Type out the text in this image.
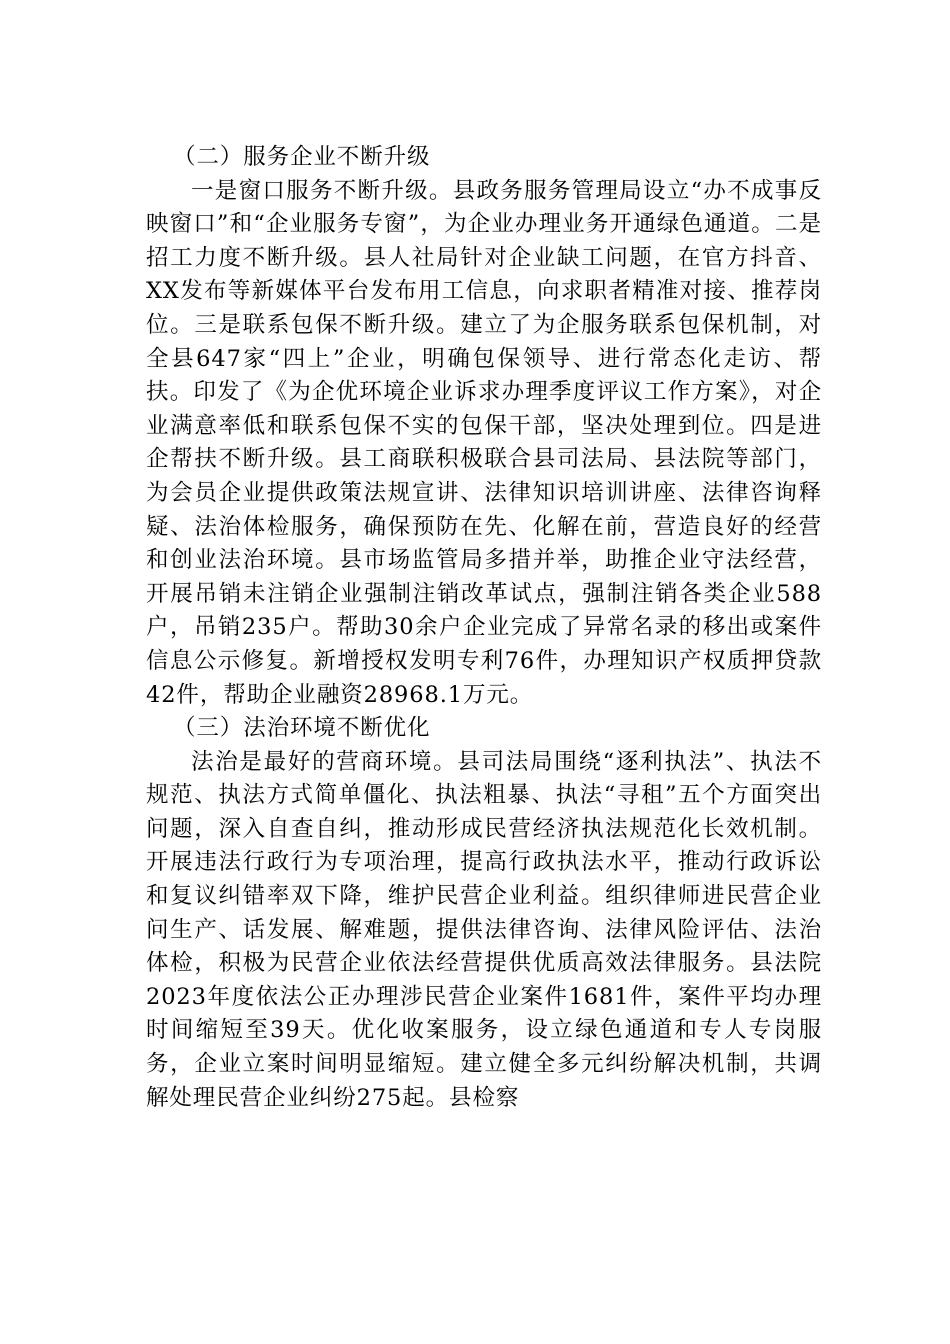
（二）服务企业不断升级

一是窗口服务不断升级。县政务服务管理局设立“办不成事反映窗口”和“企业服务专窗”，为企业办理业务开通绿色通道。二是招工力度不断升级。县人社局针对企业缺工问题，在官方抖音、XX发布等新媒体平台发布用工信息，向求职者精准对接、推荐岗位。三是联系包保不断升级。建立了为企服务联系包保机制，对全县647家“四上”企业，明确包保领导、进行常态化走访、帮扶。印发了《为企优环境企业诉求办理季度评议工作方案》，对企业满意率低和联系包保不实的包保干部，坚决处理到位。四是进企帮扶不断升级。县工商联积极联合县司法局、县法院等部门，为会员企业提供政策法规宣讲、法律知识培训讲座、法律咨询释疑、法治体检服务，确保预防在先、化解在前，营造良好的经营和创业法治环境。县市场监管局多措并举，助推企业守法经营，开展吊销未注销企业强制注销改革试点，强制注销各类企业588户，吊销235户。帮助30余户企业完成了异常名录的移出或案件信息公示修复。新增授权发明专利76件，办理知识产权质押贷款42件，帮助企业融资28968.1万元。

（三）法治环境不断优化

法治是最好的营商环境。县司法局围绕“逐利执法”、执法不规范、执法方式简单僵化、执法粗暴、执法“寻租”五个方面突出问题，深入自查自纠，推动形成民营经济执法规范化长效机制。开展违法行政行为专项治理，提高行政执法水平，推动行政诉讼和复议纠错率双下降，维护民营企业利益。组织律师进民营企业问生产、话发展、解难题，提供法律咨询、法律风险评估、法治体检，积极为民营企业依法经营提供优质高效法律服务。县法院2023年度依法公正办理涉民营企业案件1681件，案件平均办理时间缩短至39天。优化收案服务，设立绿色通道和专人专岗服务，企业立案时间明显缩短。建立健全多元纠纷解决机制，共调解处理民营企业纠纷275起。县检察
